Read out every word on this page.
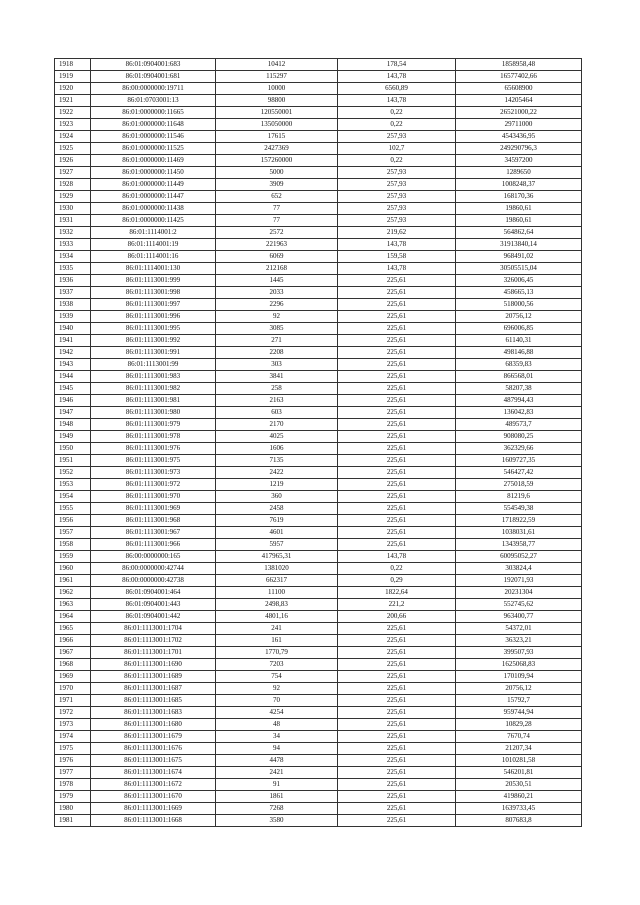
1918	86:01:0904001:683	10412	178,54	1858958,48
1919	86:01:0904001:681	115297	143,78	16577402,66
1920	86:00:0000000:19711	10000	6560,89	65608900
1921	86:01:0703001:13	98800	143,78	14205464
1922	86:01:0000000:11665	120550001	0,22	26521000,22
1923	86:01:0000000:11648	135050000	0,22	29711000
1924	86:01:0000000:11546	17615	257,93	4543436,95
1925	86:01:0000000:11525	2427369	102,7	249290796,3
1926	86:01:0000000:11469	157260000	0,22	34597200
1927	86:01:0000000:11450	5000	257,93	1289650
1928	86:01:0000000:11449	3909	257,93	1008248,37
1929	86:01:0000000:11447	652	257,93	168170,36
1930	86:01:0000000:11438	77	257,93	19860,61
1931	86:01:0000000:11425	77	257,93	19860,61
1932	86:01:1114001:2	2572	219,62	564862,64
1933	86:01:1114001:19	221963	143,78	31913840,14
1934	86:01:1114001:16	6069	159,58	968491,02
1935	86:01:1114001:130	212168	143,78	30505515,04
1936	86:01:1113001:999	1445	225,61	326006,45
1937	86:01:1113001:998	2033	225,61	458665,13
1938	86:01:1113001:997	2296	225,61	518000,56
1939	86:01:1113001:996	92	225,61	20756,12
1940	86:01:1113001:995	3085	225,61	696006,85
1941	86:01:1113001:992	271	225,61	61140,31
1942	86:01:1113001:991	2208	225,61	498146,88
1943	86:01:1113001:99	303	225,61	68359,83
1944	86:01:1113001:983	3841	225,61	866568,01
1945	86:01:1113001:982	258	225,61	58207,38
1946	86:01:1113001:981	2163	225,61	487994,43
1947	86:01:1113001:980	603	225,61	136042,83
1948	86:01:1113001:979	2170	225,61	489573,7
1949	86:01:1113001:978	4025	225,61	908080,25
1950	86:01:1113001:976	1606	225,61	362329,66
1951	86:01:1113001:975	7135	225,61	1609727,35
1952	86:01:1113001:973	2422	225,61	546427,42
1953	86:01:1113001:972	1219	225,61	275018,59
1954	86:01:1113001:970	360	225,61	81219,6
1955	86:01:1113001:969	2458	225,61	554549,38
1956	86:01:1113001:968	7619	225,61	1718922,59
1957	86:01:1113001:967	4601	225,61	1038031,61
1958	86:01:1113001:966	5957	225,61	1343958,77
1959	86:00:0000000:165	417965,31	143,78	60095052,27
1960	86:00:0000000:42744	1381020	0,22	303824,4
1961	86:00:0000000:42738	662317	0,29	192071,93
1962	86:01:0904001:464	11100	1822,64	20231304
1963	86:01:0904001:443	2498,83	221,2	552745,62
1964	86:01:0904001:442	4801,16	200,66	963400,77
1965	86:01:1113001:1704	241	225,61	54372,01
1966	86:01:1113001:1702	161	225,61	36323,21
1967	86:01:1113001:1701	1770,79	225,61	399507,93
1968	86:01:1113001:1690	7203	225,61	1625068,83
1969	86:01:1113001:1689	754	225,61	170109,94
1970	86:01:1113001:1687	92	225,61	20756,12
1971	86:01:1113001:1685	70	225,61	15792,7
1972	86:01:1113001:1683	4254	225,61	959744,94
1973	86:01:1113001:1680	48	225,61	10829,28
1974	86:01:1113001:1679	34	225,61	7670,74
1975	86:01:1113001:1676	94	225,61	21207,34
1976	86:01:1113001:1675	4478	225,61	1010281,58
1977	86:01:1113001:1674	2421	225,61	546201,81
1978	86:01:1113001:1672	91	225,61	20530,51
1979	86:01:1113001:1670	1861	225,61	419860,21
1980	86:01:1113001:1669	7268	225,61	1639733,45
1981	86:01:1113001:1668	3580	225,61	807683,8
